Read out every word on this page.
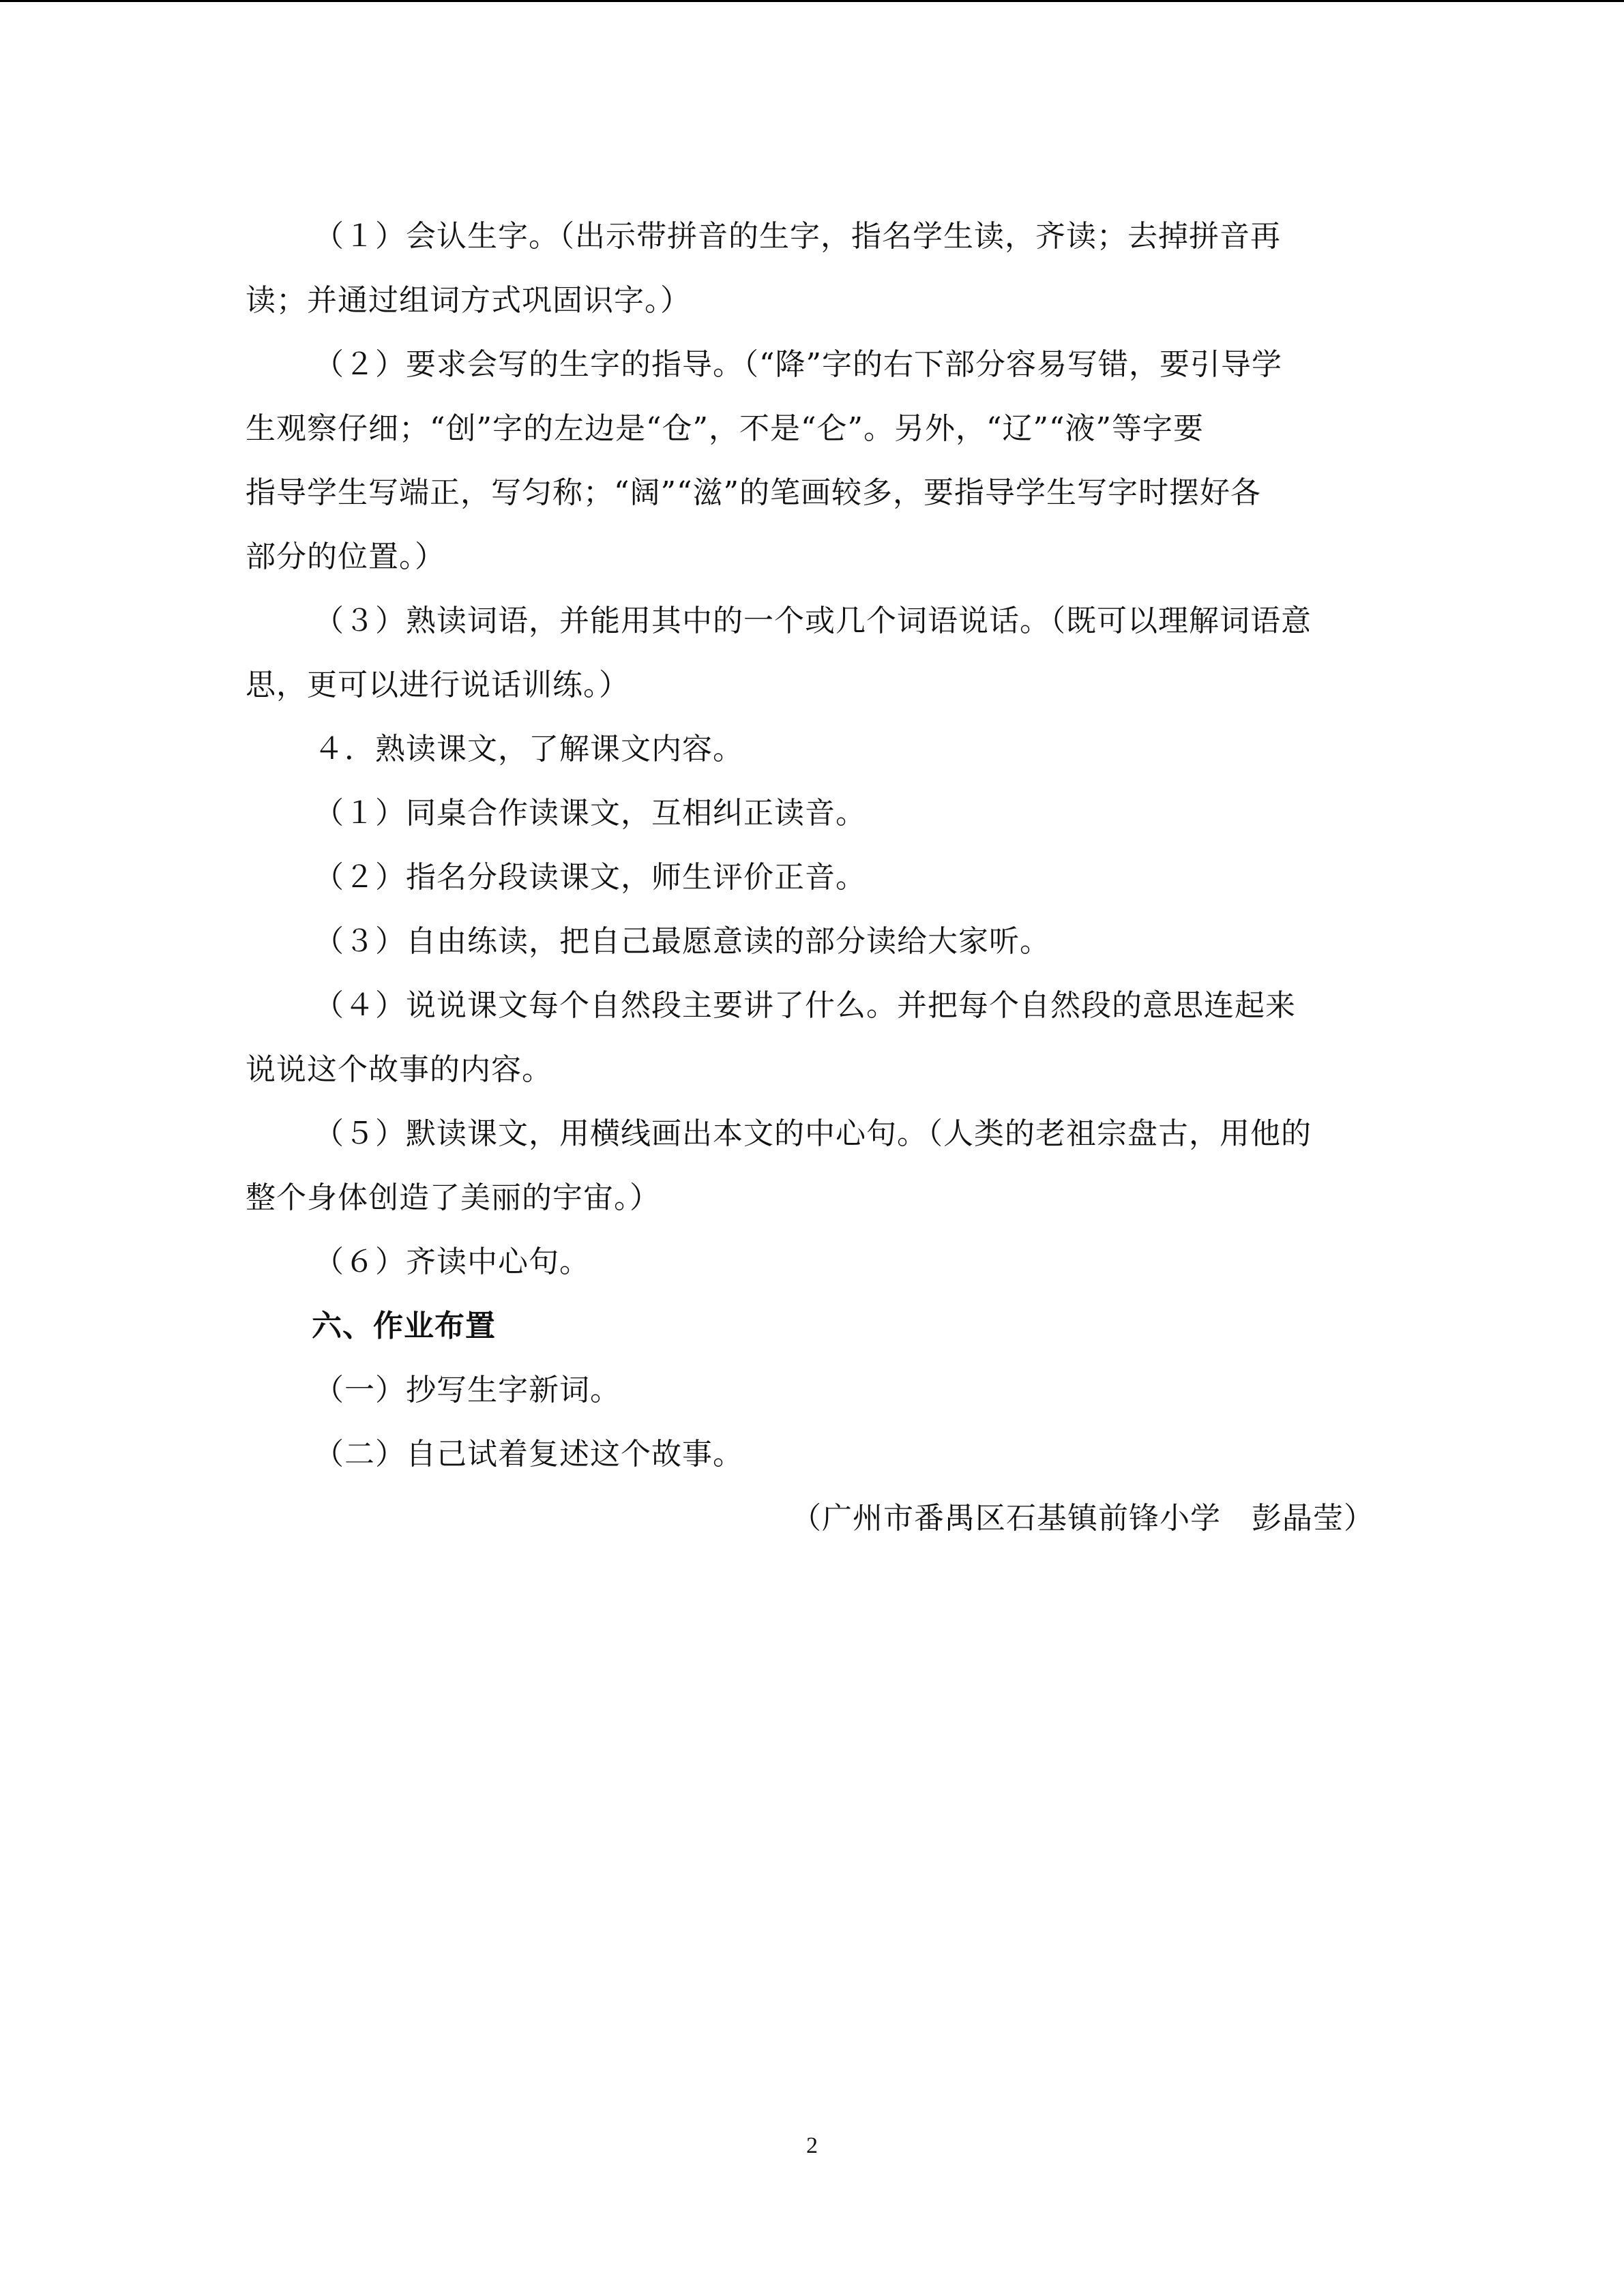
（１）会认生字。（出示带拼音的生字，指名学生读，齐读；去掉拼音再
读；并通过组词方式巩固识字。）
（２）要求会写的生字的指导。（“降”字的右下部分容易写错，要引导学
生观察仔细；“创”字的左边是“仓”，不是“仑”。另外，“辽”“液”等字要
指导学生写端正，写匀称；“阔”“滋”的笔画较多，要指导学生写字时摆好各
部分的位置。）
（３）熟读词语，并能用其中的一个或几个词语说话。（既可以理解词语意
思，更可以进行说话训练。）
４．熟读课文，了解课文内容。
（１）同桌合作读课文，互相纠正读音。
（２）指名分段读课文，师生评价正音。
（３）自由练读，把自己最愿意读的部分读给大家听。
（４）说说课文每个自然段主要讲了什么。并把每个自然段的意思连起来
说说这个故事的内容。
（５）默读课文，用横线画出本文的中心句。（人类的老祖宗盘古，用他的
整个身体创造了美丽的宇宙。）
（６）齐读中心句。
六、作业布置
（一）抄写生字新词。
（二）自己试着复述这个故事。
（广州市番禺区石基镇前锋小学　彭晶莹）
2
